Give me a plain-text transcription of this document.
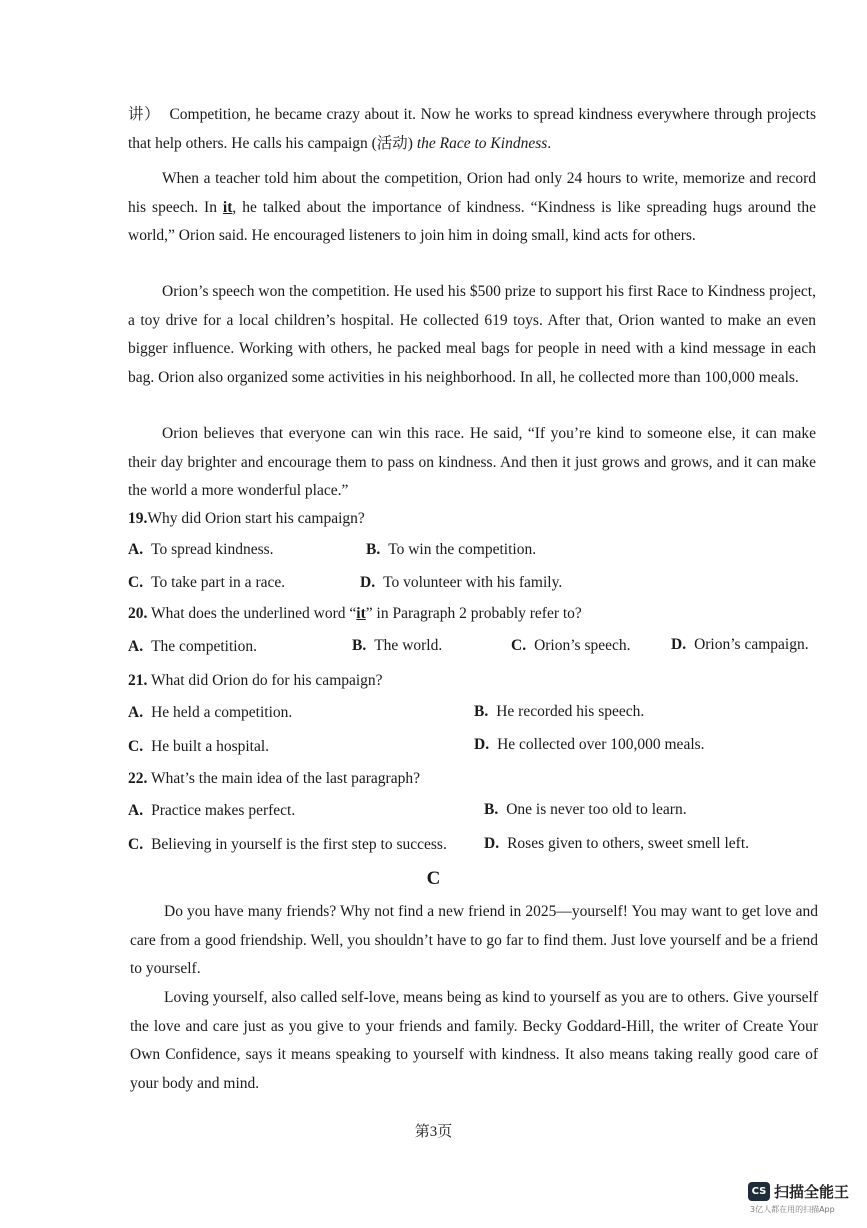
讲） Competition, he became crazy about it. Now he works to spread kindness everywhere through projects that help others. He calls his campaign (活动) the Race to Kindness.
When a teacher told him about the competition, Orion had only 24 hours to write, memorize and record his speech. In it, he talked about the importance of kindness. “Kindness is like spreading hugs around the world,” Orion said. He encouraged listeners to join him in doing small, kind acts for others.
Orion’s speech won the competition. He used his $500 prize to support his first Race to Kindness project, a toy drive for a local children’s hospital. He collected 619 toys. After that, Orion wanted to make an even bigger influence. Working with others, he packed meal bags for people in need with a kind message in each bag. Orion also organized some activities in his neighborhood. In all, he collected more than 100,000 meals.
Orion believes that everyone can win this race. He said, “If you’re kind to someone else, it can make their day brighter and encourage them to pass on kindness. And then it just grows and grows, and it can make the world a more wonderful place.”
19.Why did Orion start his campaign?
A. To spread kindness.	B. To win the competition.
C. To take part in a race.	D. To volunteer with his family.
20. What does the underlined word “it” in Paragraph 2 probably refer to?
A. The competition.	B. The world.	C. Orion’s speech.	D. Orion’s campaign.
21. What did Orion do for his campaign?
A. He held a competition.	B. He recorded his speech.
C. He built a hospital.	D. He collected over 100,000 meals.
22. What’s the main idea of the last paragraph?
A. Practice makes perfect.	B. One is never too old to learn.
C. Believing in yourself is the first step to success. D. Roses given to others, sweet smell left.
C
Do you have many friends? Why not find a new friend in 2025—yourself! You may want to get love and care from a good friendship. Well, you shouldn’t have to go far to find them. Just love yourself and be a friend to yourself.
Loving yourself, also called self-love, means being as kind to yourself as you are to others. Give yourself the love and care just as you give to your friends and family. Becky Goddard-Hill, the writer of Create Your Own Confidence, says it means speaking to yourself with kindness. It also means taking really good care of your body and mind.
第3页
CS 扫描全能王
3亿人都在用的扫描App
